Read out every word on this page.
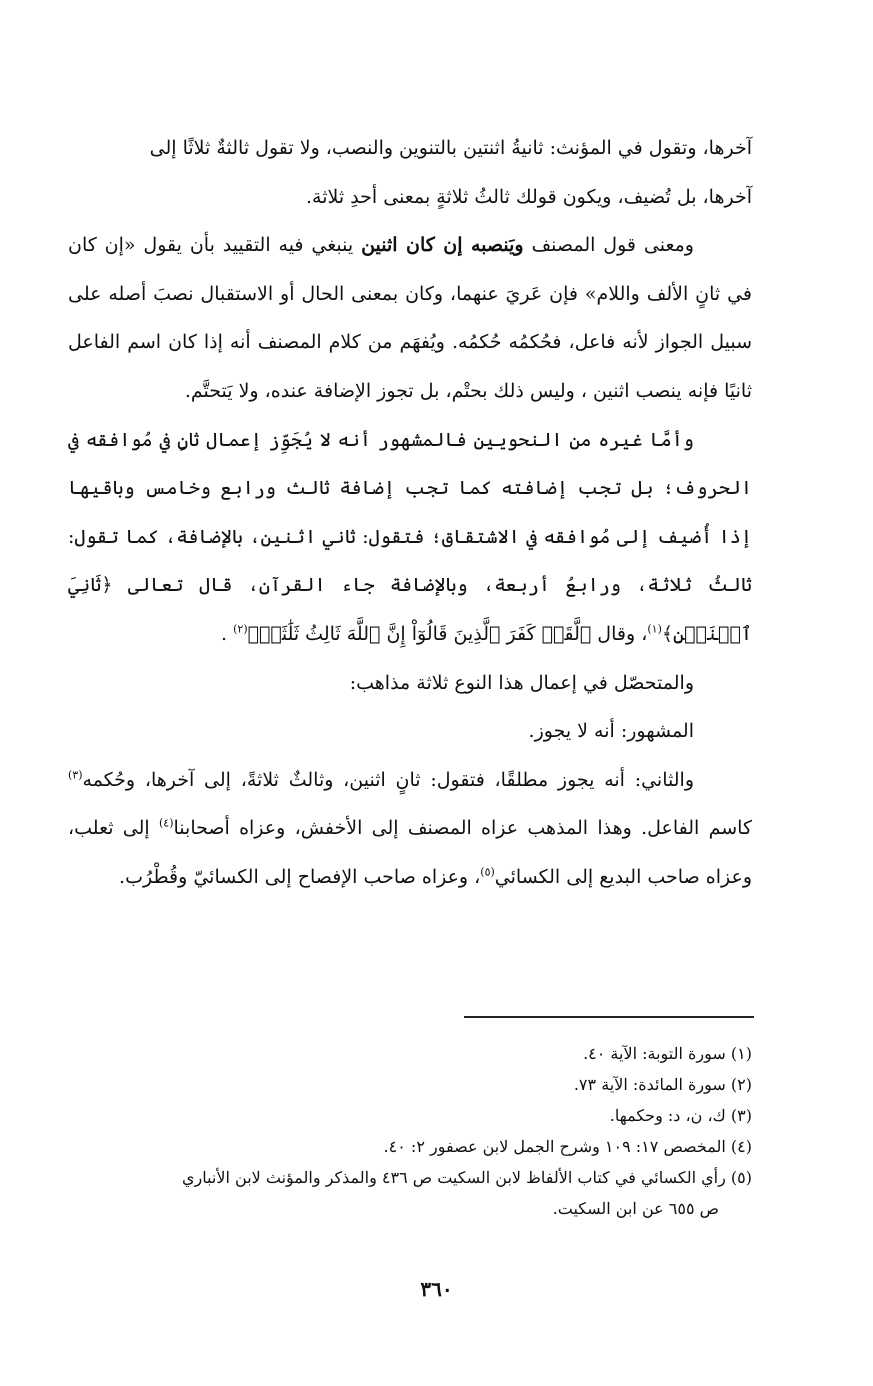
آخرها، وتقول في المؤنث: ثانيةُ اثنتين بالتنوين والنصب، ولا تقول ثالثةٌ ثلاثًا إلى
آخرها، بل تُضيف، ويكون قولك ثالثُ ثلاثةٍ بمعنى أحدِ ثلاثة.

ومعنى قول المصنف ويَنصبه إن كان اثنين ينبغي فيه التقييد بأن يقول «إن كان في ثانٍ الألف واللام» فإن عَريَ عنهما، وكان بمعنى الحال أو الاستقبال نصبَ أصله على سبيل الجواز لأنه فاعل، فحُكمُه حُكمُه. ويُفهَم من كلام المصنف أنه إذا كان اسم الفاعل ثانيًا فإنه ينصب اثنين ، وليس ذلك بحتْم، بل تجوز الإضافة عنده، ولا يَتحتَّم.

وأمَّا غيره من النحويين فالمشهور أنه لا يُجَوِّز إعمال ثانٍ في مُوافقه في الحروف؛ بل تجب إضافته كما تجب إضافة ثالث ورابع وخامس وباقيها إذا أُضيف إلى مُوافقه في الاشتقاق؛ فتقول: ثاني اثنين، بالإضافة، كما تقول: ثالثُ ثلاثة، ورابعُ أربعة، وبالإضافة جاء القرآن، قال تعالى ﴿ثَانِيَ ٱثۡنَيۡنِ﴾$^{(١)}$، وقال ﴿لَّقَدۡ كَفَرَ ٱلَّذِينَ قَالُوٓاْ إِنَّ ٱللَّهَ ثَالِثُ ثَلَٰثَةٖ﴾$^{(٢)}$ .

والمتحصّل في إعمال هذا النوع ثلاثة مذاهب:

المشهور: أنه لا يجوز.

والثاني: أنه يجوز مطلقًا، فتقول: ثانٍ اثنين، وثالثٌ ثلاثةً، إلى آخرها، وحُكمه$^{(٣)}$ كاسم الفاعل. وهذا المذهب عزاه المصنف إلى الأخفش، وعزاه أصحابنا$^{(٤)}$ إلى ثعلب، وعزاه صاحب البديع إلى الكسائي$^{(٥)}$، وعزاه صاحب الإفصاح إلى الكسائيّ وقُطْرُب.

(١) سورة التوبة: الآية ٤٠.

(٢) سورة المائدة: الآية ٧٣.

(٣) ك، ن، د: وحكمها.

(٤) المخصص ١٧: ١٠٩ وشرح الجمل لابن عصفور ٢: ٤٠.

(٥) رأي الكسائي في كتاب الألفاظ لابن السكيت ص ٤٣٦ والمذكر والمؤنث لابن الأنباري

ص ٦٥٥ عن ابن السكيت.

٣٦٠
